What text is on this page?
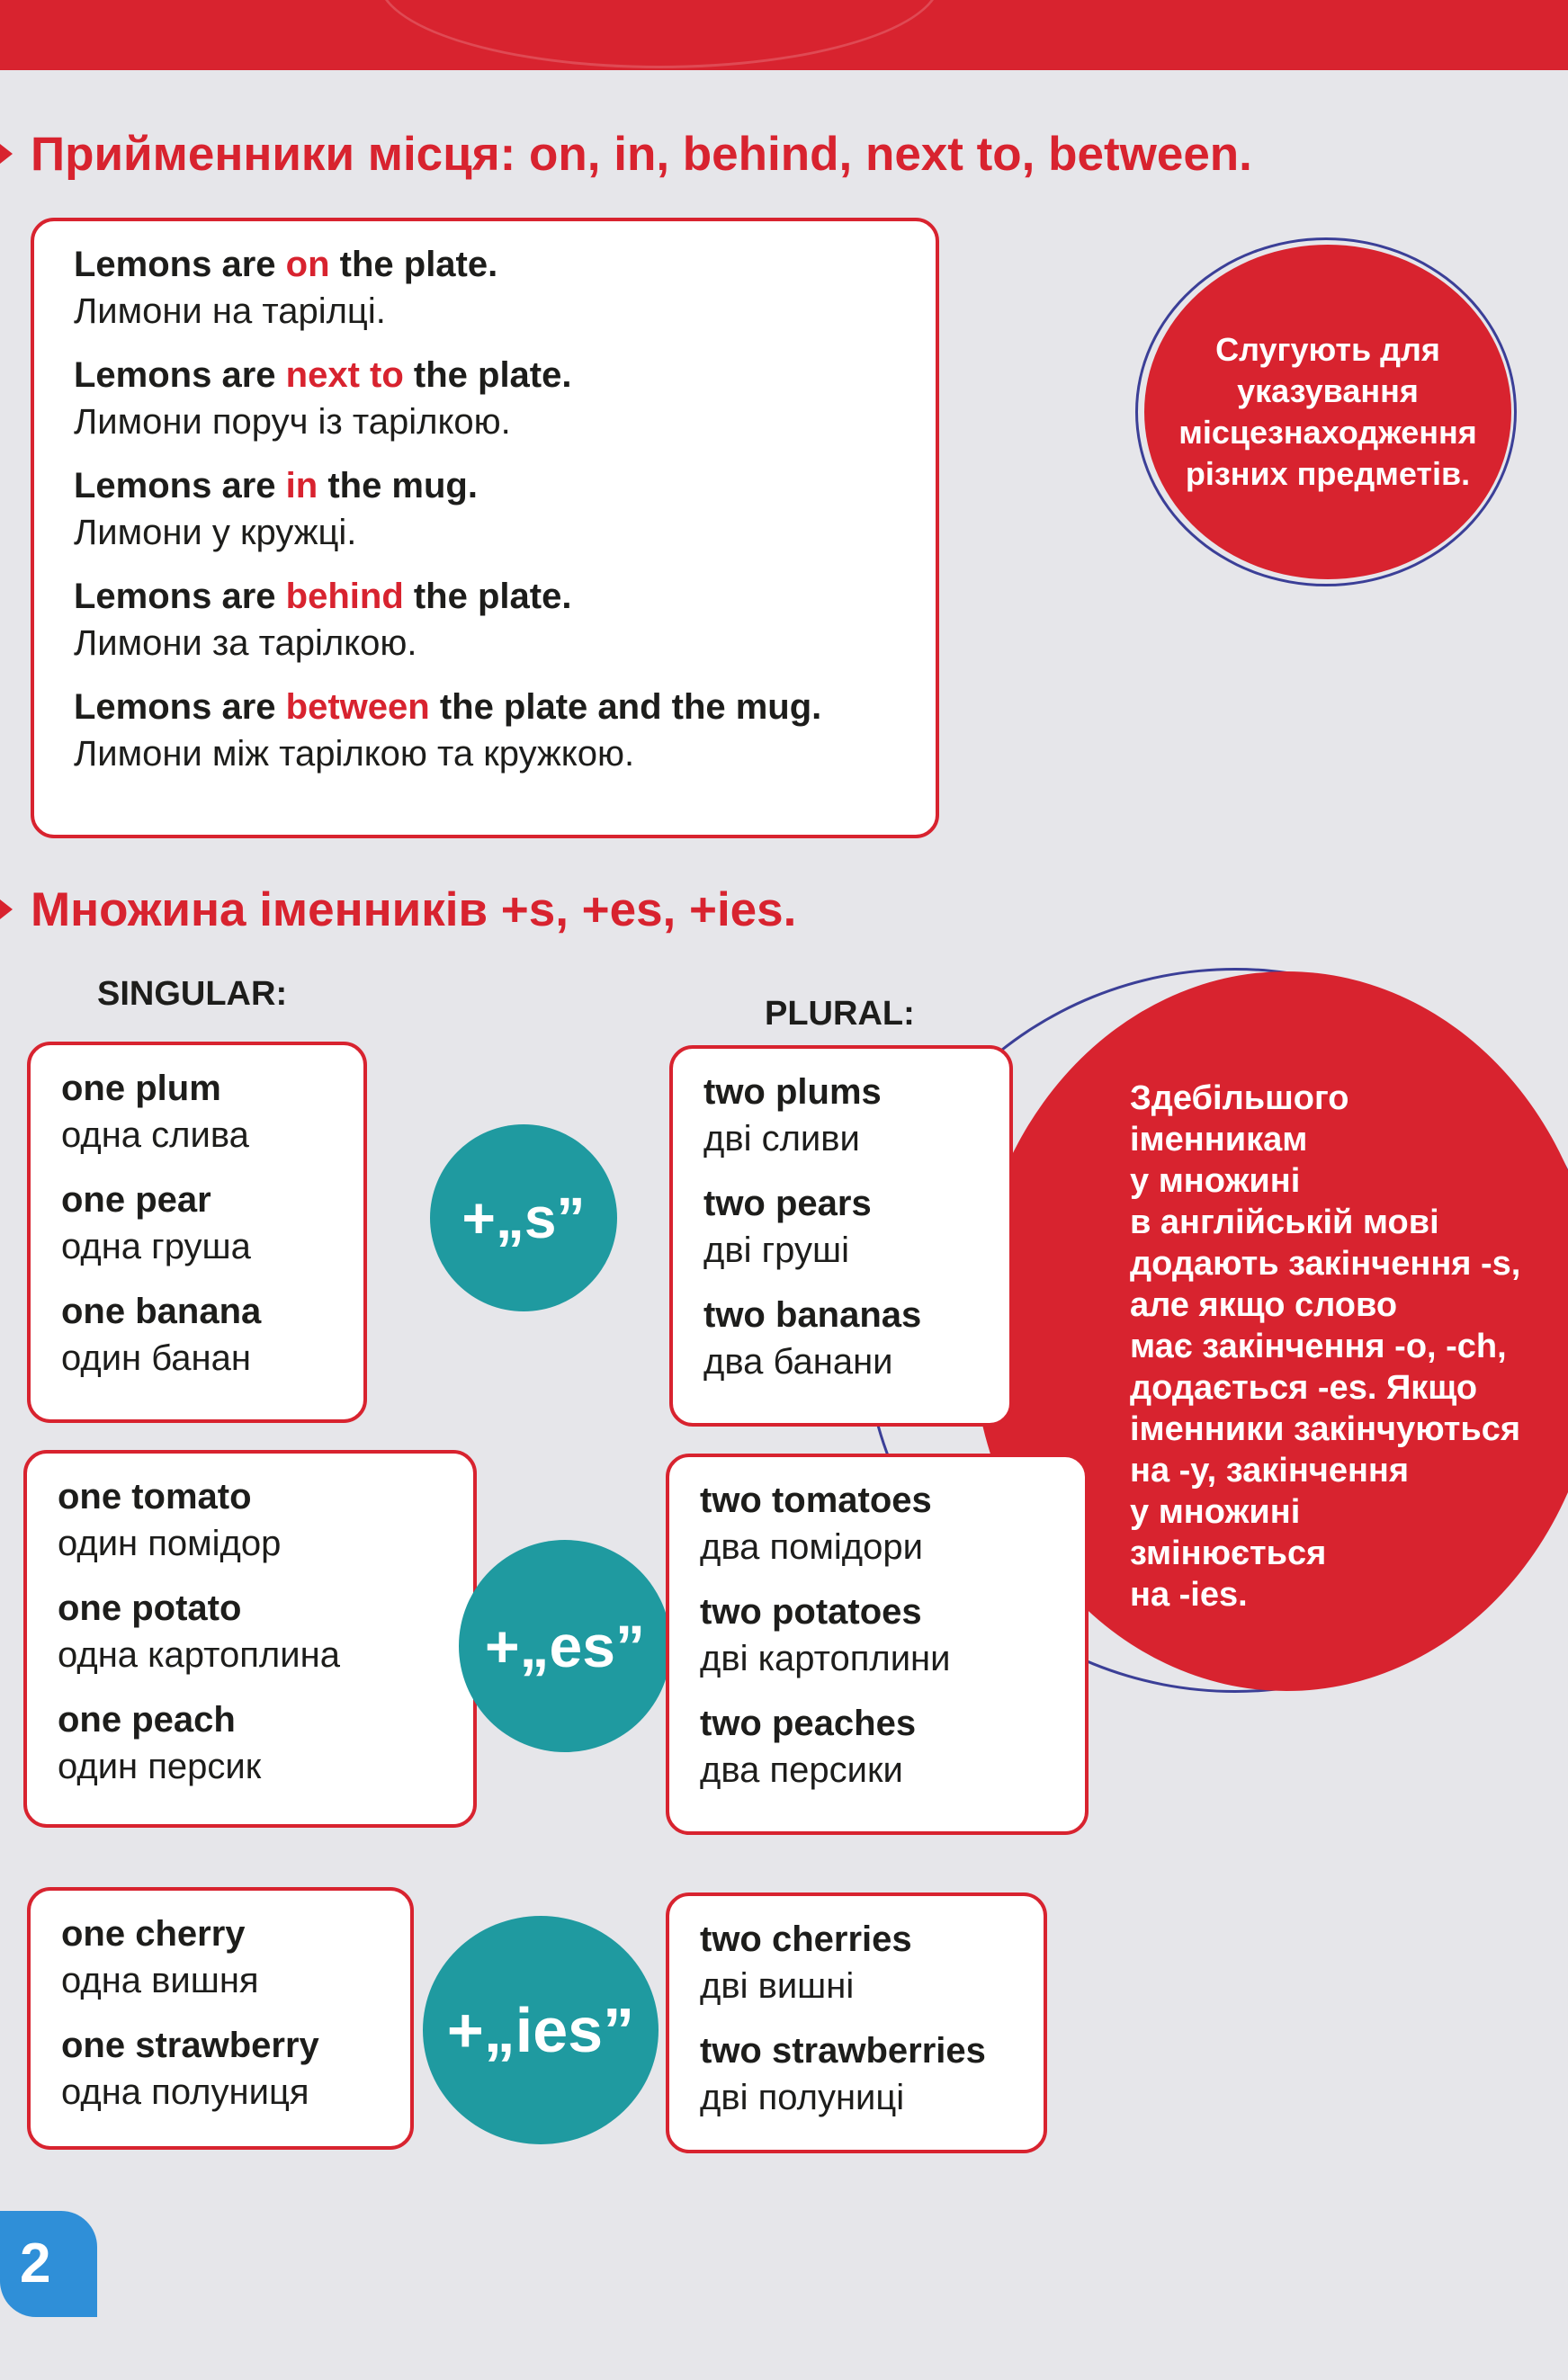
Прийменники місця: on, in, behind, next to, between.
Lemons are on the plate.
Лимони на тарілці.
Lemons are next to the plate.
Лимони поруч із тарілкою.
Lemons are in the mug.
Лимони у кружці.
Lemons are behind the plate.
Лимони за тарілкою.
Lemons are between the plate and the mug.
Лимони між тарілкою та кружкою.
Слугують для указування місцезнаходження різних предметів.
Множина іменників +s, +es, +ies.
SINGULAR:
PLURAL:
Здебільшого
іменникам
у множині
в англійській мові
додають закінчення -s,
але якщо слово
має закінчення -o, -ch,
додається -es. Якщо
іменники закінчуються
на -y, закінчення
у множині
змінюється
на -ies.
one plum
одна слива
one pear
одна груша
one banana
один банан
+„s”
two plums
дві сливи
two pears
дві груші
two bananas
два банани
one tomato
один помідор
one potato
одна картоплина
one peach
один персик
+„es”
two tomatoes
два помідори
two potatoes
дві картоплини
two peaches
два персики
one cherry
одна вишня
one strawberry
одна полуниця
+„ies”
two cherries
дві вишні
two strawberries
дві полуниці
2
